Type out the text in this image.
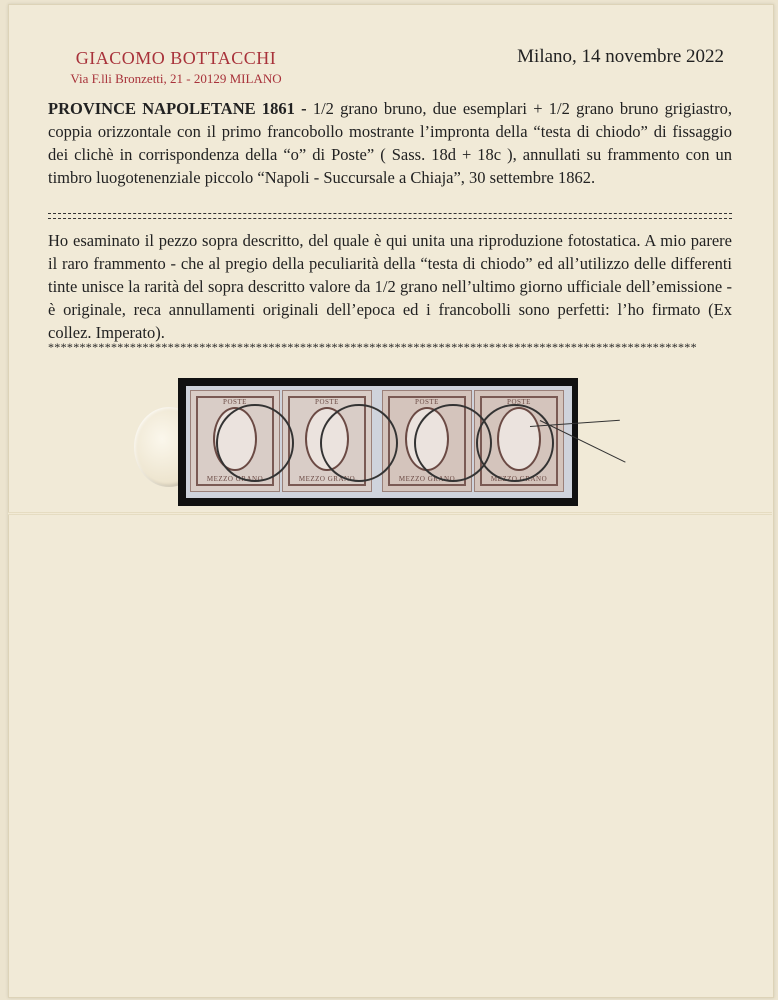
GIACOMO BOTTACCHI
Via F.lli Bronzetti, 21 - 20129 MILANO
Milano, 14 novembre 2022
PROVINCE NAPOLETANE 1861 - 1/2 grano bruno, due esemplari + 1/2 grano bruno grigiastro, coppia orizzontale con il primo francobollo mostrante l’impronta della “testa di chiodo” di fissaggio dei clichè in corrispondenza della “o” di Poste” ( Sass. 18d + 18c ), annullati su frammento con un timbro luogotenenziale piccolo “Napoli - Succursale a Chiaja”, 30 settembre 1862.
Ho esaminato il pezzo sopra descritto, del quale è qui unita una riproduzione fotostatica. A mio parere il raro frammento - che al pregio della peculiarità della “testa di chiodo” ed all’utilizzo delle differenti tinte unisce la rarità del sopra descritto valore da 1/2 grano nell’ultimo giorno ufficiale dell’emissione - è originale, reca annullamenti originali dell’epoca ed i francobolli sono perfetti: l’ho firmato (Ex collez. Imperato).
*******************************************************************************************************
POSTE
MEZZO GRANO
POSTE
MEZZO GRANO
POSTE
MEZZO GRANO
POSTE
MEZZO GRANO
